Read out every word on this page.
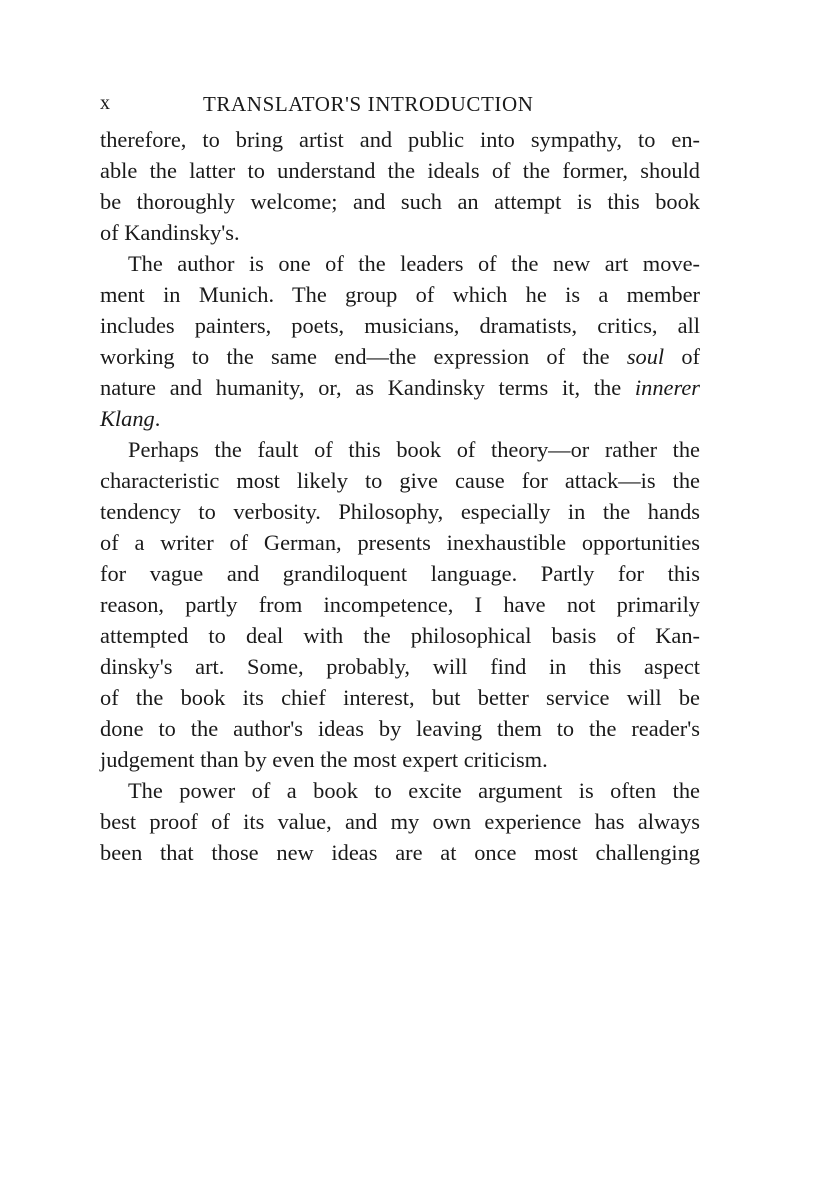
x	TRANSLATOR'S INTRODUCTION
therefore, to bring artist and public into sympathy, to en-
able the latter to understand the ideals of the former, should
be thoroughly welcome; and such an attempt is this book
of Kandinsky's.
The author is one of the leaders of the new art move-
ment in Munich. The group of which he is a member
includes painters, poets, musicians, dramatists, critics, all
working to the same end—the expression of the soul of
nature and humanity, or, as Kandinsky terms it, the innerer
Klang.
Perhaps the fault of this book of theory—or rather the
characteristic most likely to give cause for attack—is the
tendency to verbosity. Philosophy, especially in the hands
of a writer of German, presents inexhaustible opportunities
for vague and grandiloquent language. Partly for this
reason, partly from incompetence, I have not primarily
attempted to deal with the philosophical basis of Kan-
dinsky's art. Some, probably, will find in this aspect
of the book its chief interest, but better service will be
done to the author's ideas by leaving them to the reader's
judgement than by even the most expert criticism.
The power of a book to excite argument is often the
best proof of its value, and my own experience has always
been that those new ideas are at once most challenging
